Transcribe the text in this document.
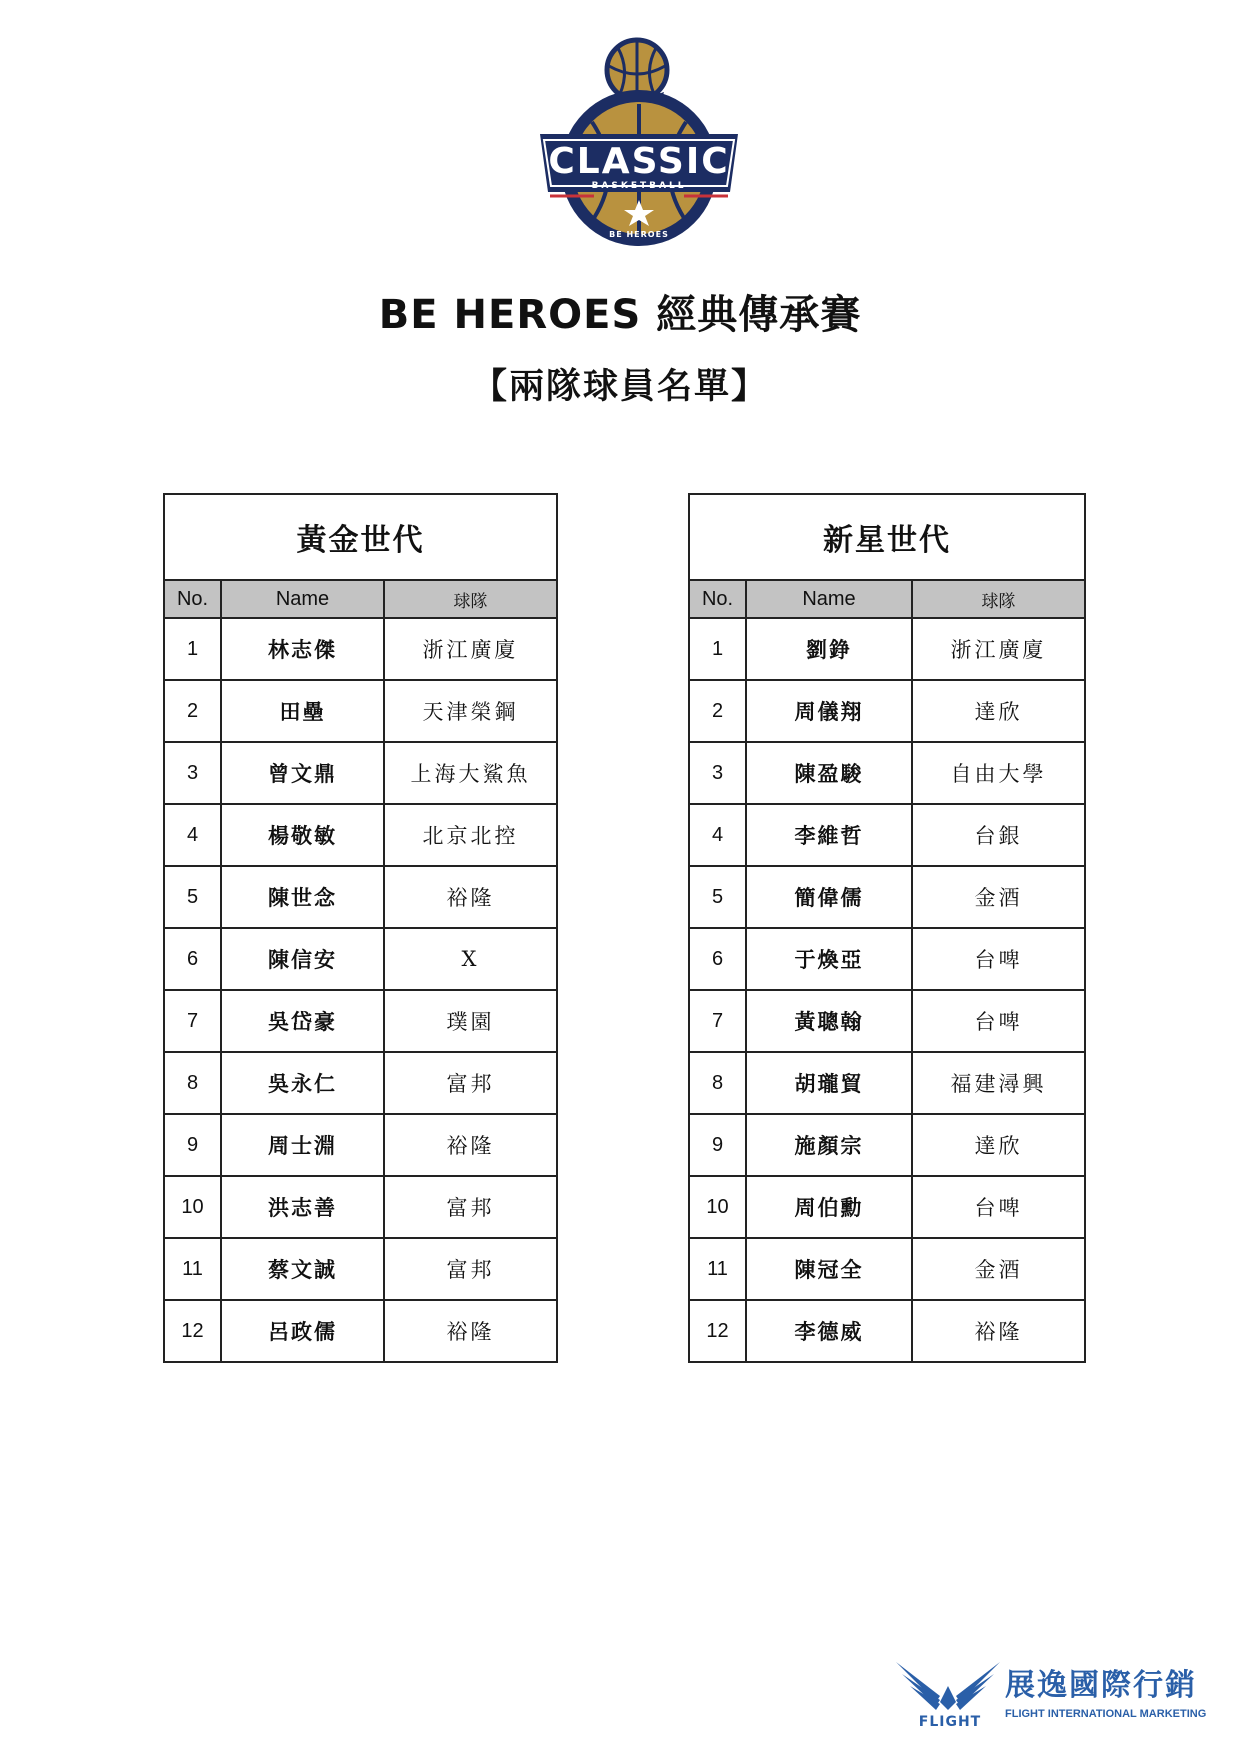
CLASSIC
BASKETBALL
BE HEROES
BE HEROES 經典傳承賽
【兩隊球員名單】
黃金世代		
No.	Name	球隊
1	林志傑	浙江廣廈
2	田壘	天津榮鋼
3	曾文鼎	上海大鯊魚
4	楊敬敏	北京北控
5	陳世念	裕隆
6	陳信安	X
7	吳岱豪	璞園
8	吳永仁	富邦
9	周士淵	裕隆
10	洪志善	富邦
11	蔡文誠	富邦
12	呂政儒	裕隆
新星世代		
No.	Name	球隊
1	劉錚	浙江廣廈
2	周儀翔	達欣
3	陳盈駿	自由大學
4	李維哲	台銀
5	簡偉儒	金酒
6	于煥亞	台啤
7	黃聰翰	台啤
8	胡瓏貿	福建潯興
9	施顏宗	達欣
10	周伯勳	台啤
11	陳冠全	金酒
12	李德威	裕隆
FLIGHT
展逸國際行銷
FLIGHT INTERNATIONAL MARKETING
